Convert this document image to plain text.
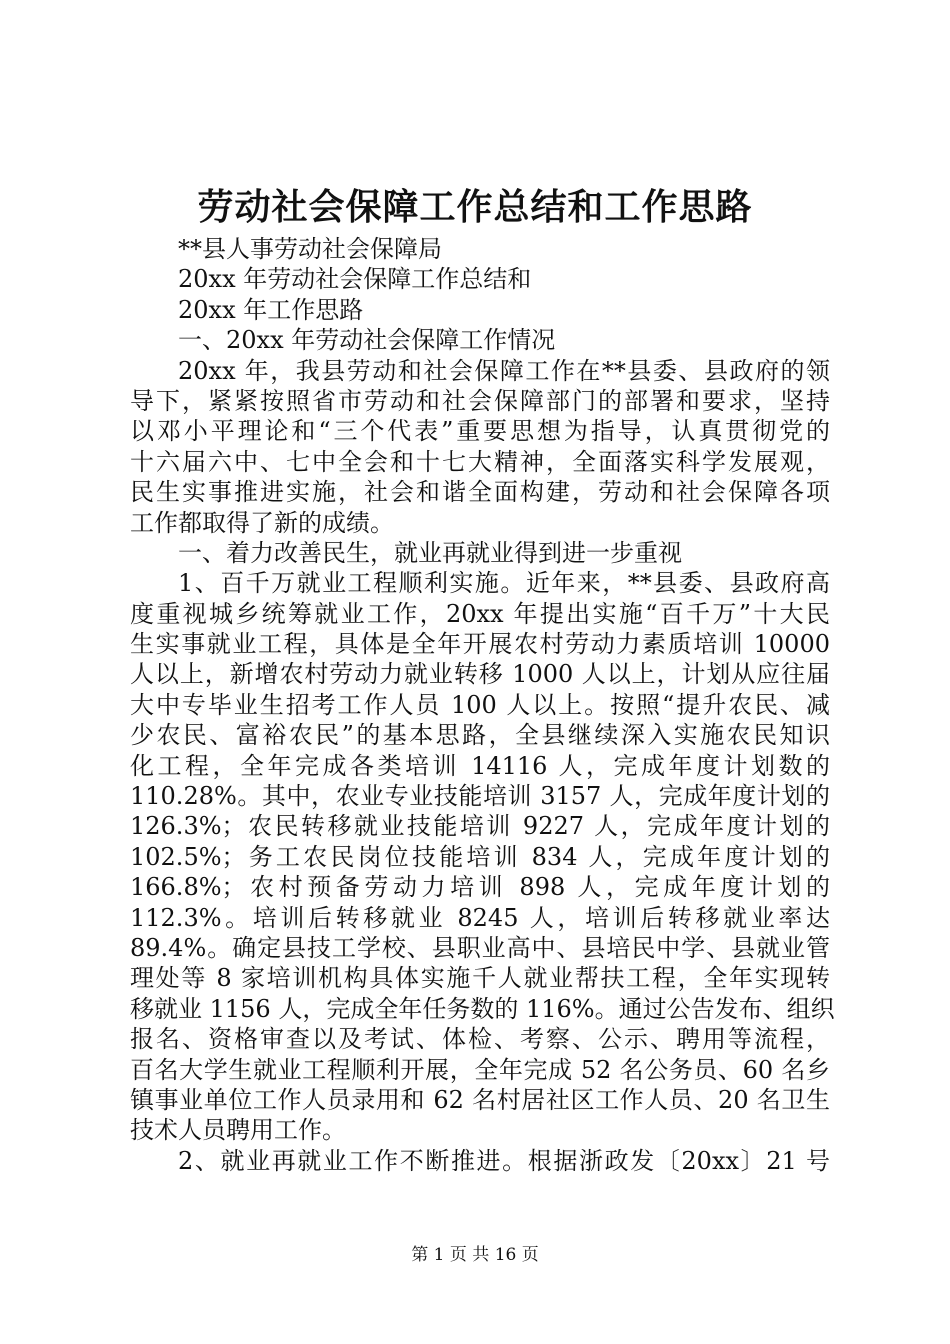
劳动社会保障工作总结和工作思路
**县人事劳动社会保障局
20xx 年劳动社会保障工作总结和
20xx 年工作思路
一、20xx 年劳动社会保障工作情况
20xx 年，我县劳动和社会保障工作在**县委、县政府的领
导下，紧紧按照省市劳动和社会保障部门的部署和要求，坚持
以邓小平理论和“三个代表”重要思想为指导，认真贯彻党的
十六届六中、七中全会和十七大精神，全面落实科学发展观，
民生实事推进实施，社会和谐全面构建，劳动和社会保障各项
工作都取得了新的成绩。
一、着力改善民生，就业再就业得到进一步重视
1、百千万就业工程顺利实施。近年来，**县委、县政府高
度重视城乡统筹就业工作，20xx 年提出实施“百千万”十大民
生实事就业工程，具体是全年开展农村劳动力素质培训 10000
人以上，新增农村劳动力就业转移 1000 人以上，计划从应往届
大中专毕业生招考工作人员 100 人以上。按照“提升农民、减
少农民、富裕农民”的基本思路，全县继续深入实施农民知识
化工程，全年完成各类培训 14116 人，完成年度计划数的
110.28%。其中，农业专业技能培训 3157 人，完成年度计划的
126.3%；农民转移就业技能培训 9227 人，完成年度计划的
102.5%；务工农民岗位技能培训 834 人，完成年度计划的
166.8%；农村预备劳动力培训 898 人，完成年度计划的
112.3%。培训后转移就业 8245 人，培训后转移就业率达
89.4%。确定县技工学校、县职业高中、县培民中学、县就业管
理处等 8 家培训机构具体实施千人就业帮扶工程，全年实现转
移就业 1156 人，完成全年任务数的 116%。通过公告发布、组织
报名、资格审查以及考试、体检、考察、公示、聘用等流程，
百名大学生就业工程顺利开展，全年完成 52 名公务员、60 名乡
镇事业单位工作人员录用和 62 名村居社区工作人员、20 名卫生
技术人员聘用工作。
2、就业再就业工作不断推进。根据浙政发〔20xx〕21 号
第 1 页 共 16 页
